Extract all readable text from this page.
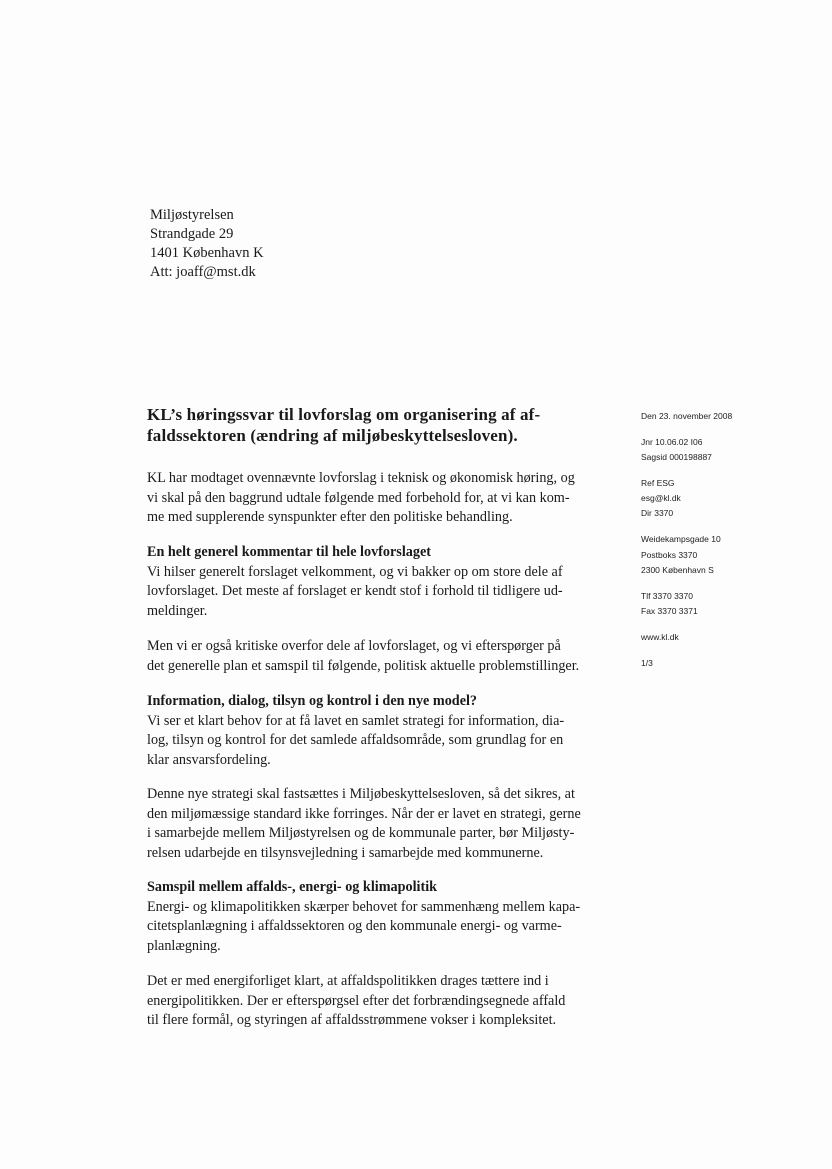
Miljøstyrelsen
Strandgade 29
1401 København K
Att: joaff@mst.dk
KL’s høringssvar til lovforslag om organisering af af-
faldssektoren (ændring af miljøbeskyttelsesloven).
Den 23. november 2008
Jnr 10.06.02 I06
Sagsid 000198887
Ref ESG
esg@kl.dk
Dir 3370
Weidekampsgade 10
Postboks 3370
2300 København S
Tlf 3370 3370
Fax 3370 3371
www.kl.dk
1/3
KL har modtaget ovennævnte lovforslag i teknisk og økonomisk høring, og
vi skal på den baggrund udtale følgende med forbehold for, at vi kan kom-
me med supplerende synspunkter efter den politiske behandling.
En helt generel kommentar til hele lovforslaget
Vi hilser generelt forslaget velkomment, og vi bakker op om store dele af
lovforslaget. Det meste af forslaget er kendt stof i forhold til tidligere ud-
meldinger.
Men vi er også kritiske overfor dele af lovforslaget, og vi efterspørger på
det generelle plan et samspil til følgende, politisk aktuelle problemstillinger.
Information, dialog, tilsyn og kontrol i den nye model?
Vi ser et klart behov for at få lavet en samlet strategi for information, dia-
log, tilsyn og kontrol for det samlede affaldsområde, som grundlag for en
klar ansvarsfordeling.
Denne nye strategi skal fastsættes i Miljøbeskyttelsesloven, så det sikres, at
den miljømæssige standard ikke forringes. Når der er lavet en strategi, gerne
i samarbejde mellem Miljøstyrelsen og de kommunale parter, bør Miljøsty-
relsen udarbejde en tilsynsvejledning i samarbejde med kommunerne.
Samspil mellem affalds-, energi- og klimapolitik
Energi- og klimapolitikken skærper behovet for sammenhæng mellem kapa-
citetsplanlægning i affaldssektoren og den kommunale energi- og varme-
planlægning.
Det er med energiforliget klart, at affaldspolitikken drages tættere ind i
energipolitikken. Der er efterspørgsel efter det forbrændingsegnede affald
til flere formål, og styringen af affaldsstrømmene vokser i kompleksitet.
